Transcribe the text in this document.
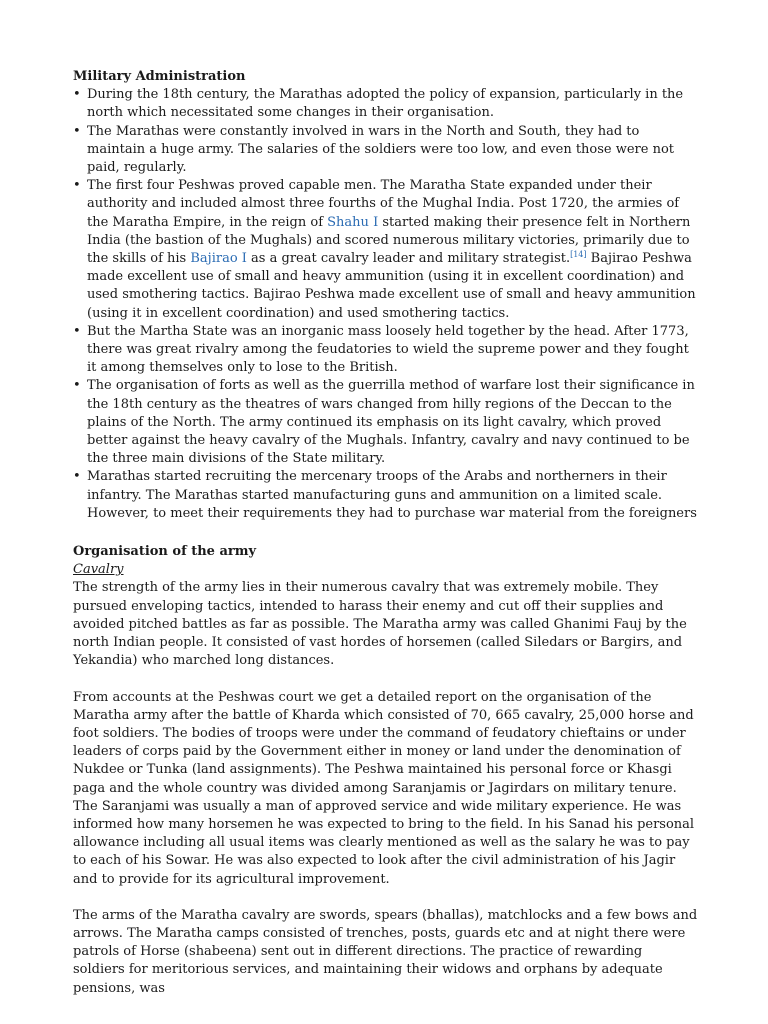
Military Administration
• During the 18th century, the Marathas adopted the policy of expansion, particularly in the north which necessitated some changes in their organisation.
• The Marathas were constantly involved in wars in the North and South, they had to maintain a huge army. The salaries of the soldiers were too low, and even those were not paid, regularly.
• The first four Peshwas proved capable men. The Maratha State expanded under their authority and included almost three fourths of the Mughal India. Post 1720, the armies of the Maratha Empire, in the reign of Shahu I started making their presence felt in Northern India (the bastion of the Mughals) and scored numerous military victories, primarily due to the skills of his Bajirao I as a great cavalry leader and military strategist.[14] Bajirao Peshwa made excellent use of small and heavy ammunition (using it in excellent coordination) and used smothering tactics. Bajirao Peshwa made excellent use of small and heavy ammunition (using it in excellent coordination) and used smothering tactics.
• But the Martha State was an inorganic mass loosely held together by the head. After 1773, there was great rivalry among the feudatories to wield the supreme power and they fought it among themselves only to lose to the British.
• The organisation of forts as well as the guerrilla method of warfare lost their significance in the 18th century as the theatres of wars changed from hilly regions of the Deccan to the plains of the North. The army continued its emphasis on its light cavalry, which proved better against the heavy cavalry of the Mughals. Infantry, cavalry and navy continued to be the three main divisions of the State military.
• Marathas started recruiting the mercenary troops of the Arabs and northerners in their infantry. The Marathas started manufacturing guns and ammunition on a limited scale. However, to meet their requirements they had to purchase war material from the foreigners
Organisation of the army

Cavalry

The strength of the army lies in their numerous cavalry that was extremely mobile. They pursued enveloping tactics, intended to harass their enemy and cut off their supplies and avoided pitched battles as far as possible. The Maratha army was called Ghanimi Fauj by the north Indian people. It consisted of vast hordes of horsemen (called Siledars or Bargirs, and Yekandia) who marched long distances.

From accounts at the Peshwas court we get a detailed report on the organisation of the Maratha army after the battle of Kharda which consisted of 70, 665 cavalry, 25,000 horse and foot soldiers. The bodies of troops were under the command of feudatory chieftains or under leaders of corps paid by the Government either in money or land under the denomination of Nukdee or Tunka (land assignments). The Peshwa maintained his personal force or Khasgi paga and the whole country was divided among Saranjamis or Jagirdars on military tenure. The Saranjami was usually a man of approved service and wide military experience. He was informed how many horsemen he was expected to bring to the field. In his Sanad his personal allowance including all usual items was clearly mentioned as well as the salary he was to pay to each of his Sowar. He was also expected to look after the civil administration of his Jagir and to provide for its agricultural improvement.

The arms of the Maratha cavalry are swords, spears (bhallas), matchlocks and a few bows and arrows. The Maratha camps consisted of trenches, posts, guards etc and at night there were patrols of Horse (shabeena) sent out in different directions. The practice of rewarding soldiers for meritorious services, and maintaining their widows and orphans by adequate pensions, was
